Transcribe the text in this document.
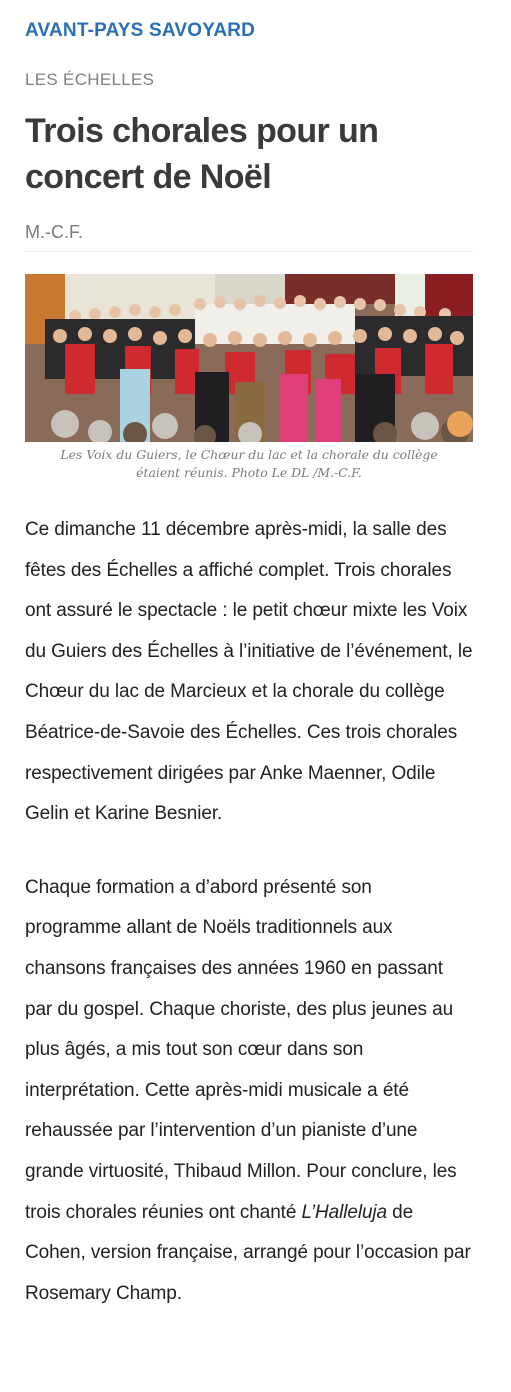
AVANT-PAYS SAVOYARD
LES ÉCHELLES
Trois chorales pour un concert de Noël
M.-C.F.
Les Voix du Guiers, le Chœur du lac et la chorale du collège
étaient réunis. Photo Le DL /M.-C.F.

Ce dimanche 11 décembre après-midi, la salle des fêtes des Échelles a affiché complet. Trois chorales ont assuré le spectacle : le petit chœur mixte les Voix du Guiers des Échelles à l’initiative de l’événement, le Chœur du lac de Marcieux et la chorale du collège Béatrice-de-Savoie des Échelles. Ces trois chorales respectivement dirigées par Anke Maenner, Odile Gelin et Karine Besnier.

Chaque formation a d’abord présenté son programme allant de Noëls traditionnels aux chansons françaises des années 1960 en passant par du gospel. Chaque choriste, des plus jeunes au plus âgés, a mis tout son cœur dans son interprétation. Cette après-midi musicale a été rehaussée par l’intervention d’un pianiste d’une grande virtuosité, Thibaud Millon. Pour conclure, les trois chorales réunies ont chanté L’Halleluja de Cohen, version française, arrangé pour l’occasion par Rosemary Champ.
